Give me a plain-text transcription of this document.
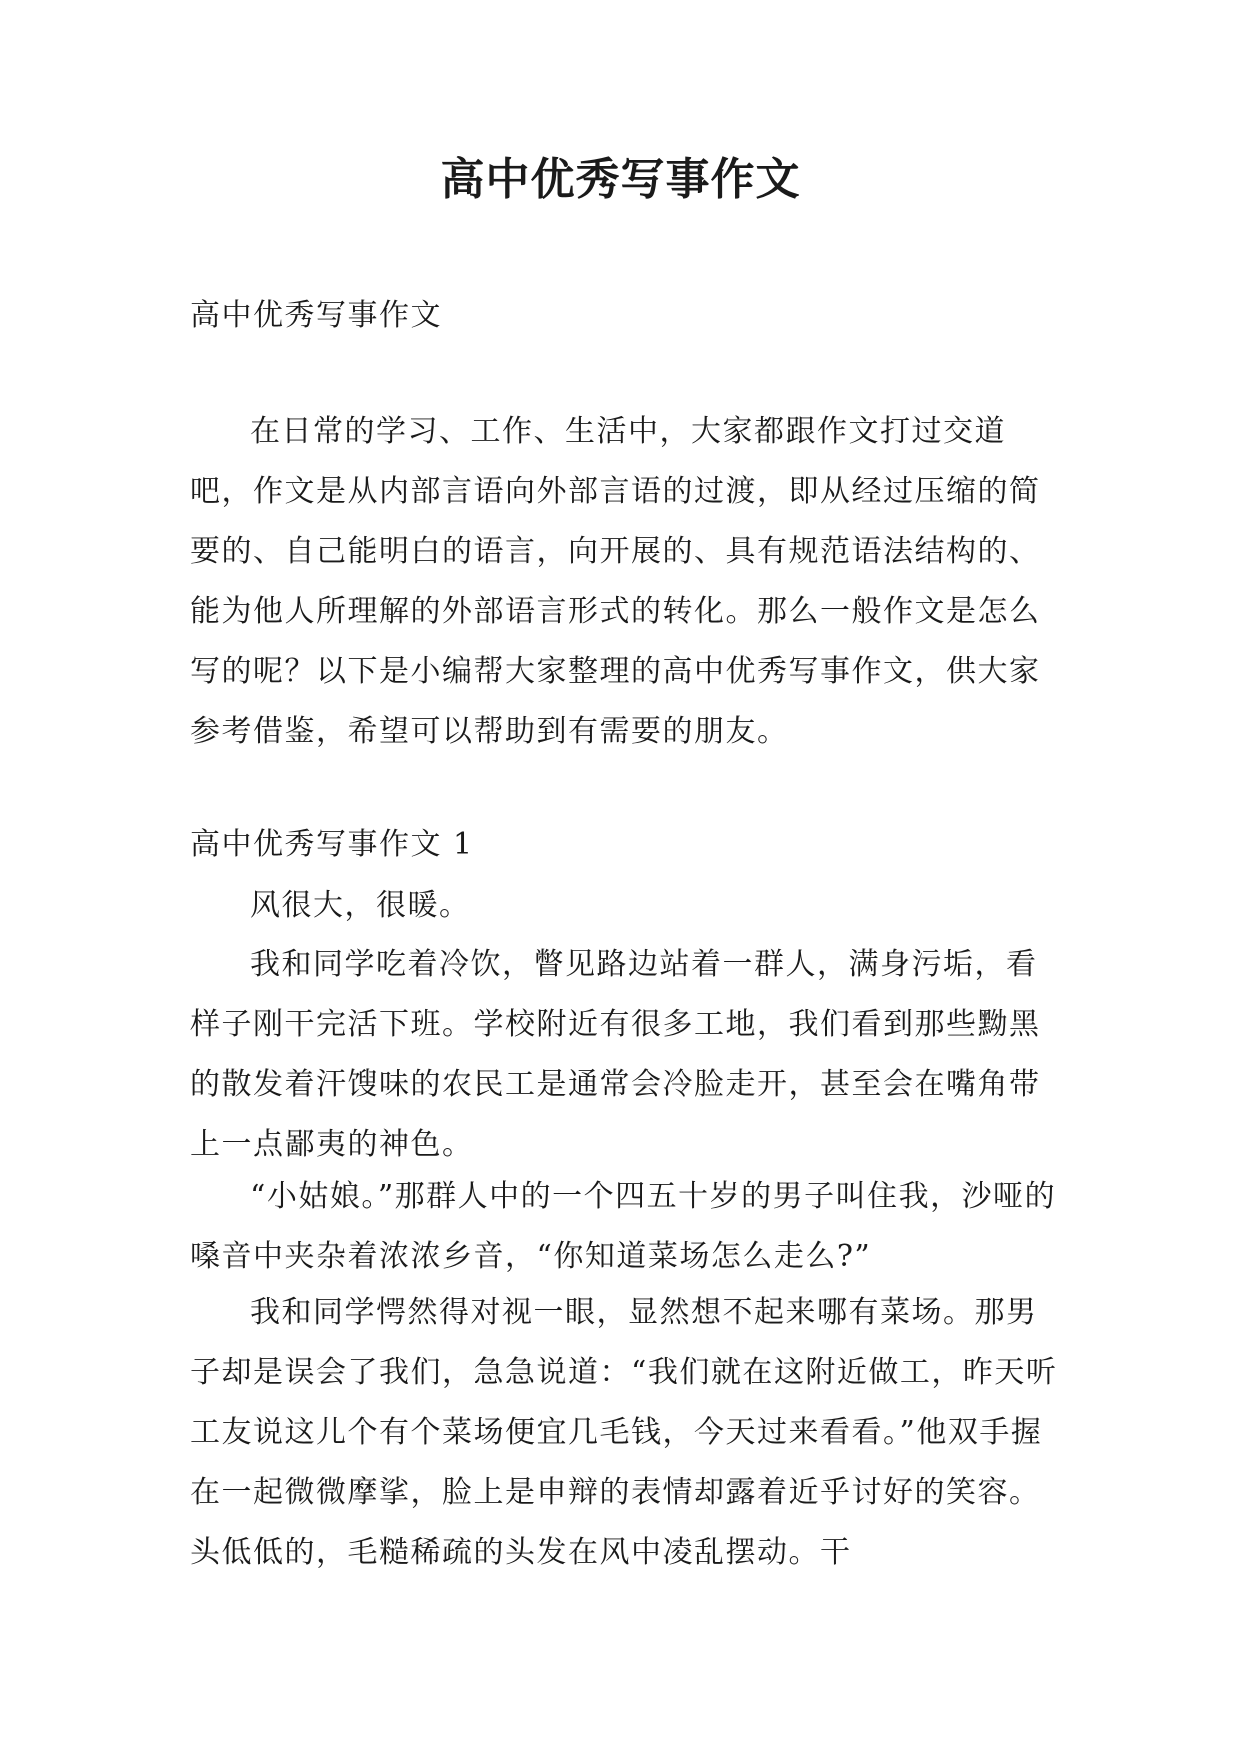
高中优秀写事作文

高中优秀写事作文

在日常的学习、工作、生活中，大家都跟作文打过交道吧，作文是从内部言语向外部言语的过渡，即从经过压缩的简要的、自己能明白的语言，向开展的、具有规范语法结构的、能为他人所理解的外部语言形式的转化。那么一般作文是怎么写的呢？以下是小编帮大家整理的高中优秀写事作文，供大家参考借鉴，希望可以帮助到有需要的朋友。

高中优秀写事作文 1

风很大，很暖。

我和同学吃着冷饮，瞥见路边站着一群人，满身污垢，看样子刚干完活下班。学校附近有很多工地，我们看到那些黝黑的散发着汗馊味的农民工是通常会冷脸走开，甚至会在嘴角带上一点鄙夷的神色。

“小姑娘。”那群人中的一个四五十岁的男子叫住我，沙哑的嗓音中夹杂着浓浓乡音，“你知道菜场怎么走么?”

我和同学愕然得对视一眼，显然想不起来哪有菜场。那男子却是误会了我们，急急说道：“我们就在这附近做工，昨天听工友说这儿个有个菜场便宜几毛钱，今天过来看看。”他双手握在一起微微摩挲，脸上是申辩的表情却露着近乎讨好的笑容。头低低的，毛糙稀疏的头发在风中凌乱摆动。干
